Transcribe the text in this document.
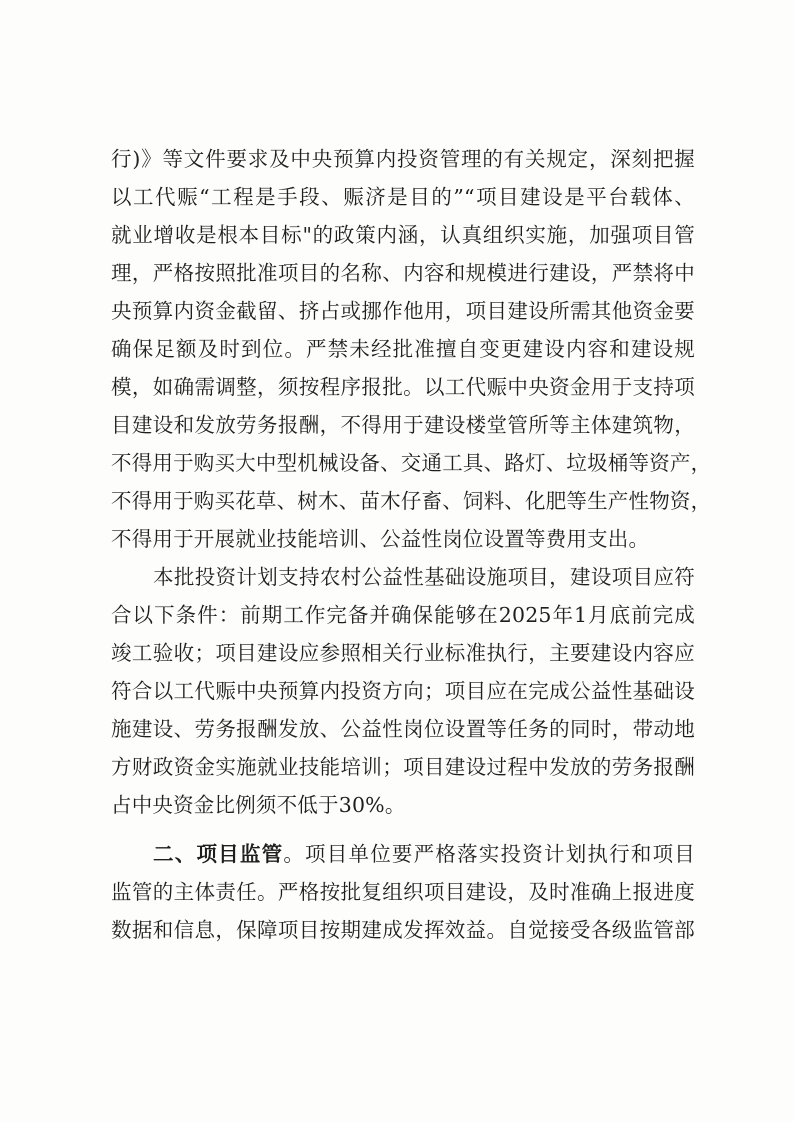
行)》等文件要求及中央预算内投资管理的有关规定，深刻把握
以工代赈“工程是手段、赈济是目的”“项目建设是平台载体、
就业增收是根本目标"的政策内涵，认真组织实施，加强项目管
理，严格按照批准项目的名称、内容和规模进行建设，严禁将中
央预算内资金截留、挤占或挪作他用，项目建设所需其他资金要
确保足额及时到位。严禁未经批准擅自变更建设内容和建设规
模，如确需调整，须按程序报批。以工代赈中央资金用于支持项
目建设和发放劳务报酬，不得用于建设楼堂管所等主体建筑物，
不得用于购买大中型机械设备、交通工具、路灯、垃圾桶等资产，
不得用于购买花草、树木、苗木仔畜、饲料、化肥等生产性物资，
不得用于开展就业技能培训、公益性岗位设置等费用支出。
本批投资计划支持农村公益性基础设施项目，建设项目应符
合以下条件：前期工作完备并确保能够在2025年1月底前完成
竣工验收；项目建设应参照相关行业标准执行，主要建设内容应
符合以工代赈中央预算内投资方向；项目应在完成公益性基础设
施建设、劳务报酬发放、公益性岗位设置等任务的同时，带动地
方财政资金实施就业技能培训；项目建设过程中发放的劳务报酬
占中央资金比例须不低于30%。
二、项目监管。项目单位要严格落实投资计划执行和项目
监管的主体责任。严格按批复组织项目建设，及时准确上报进度
数据和信息，保障项目按期建成发挥效益。自觉接受各级监管部
